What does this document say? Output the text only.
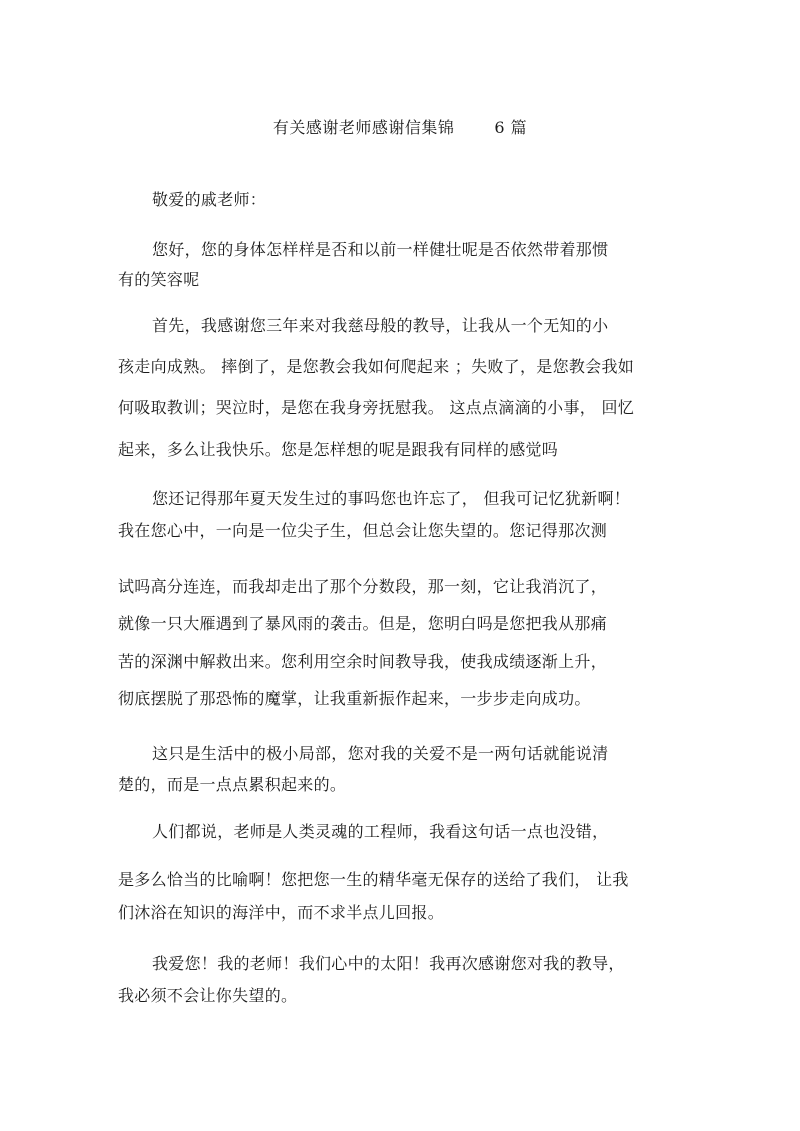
有关感谢老师感谢信集锦	6 篇
敬爱的戚老师：
您好，您的身体怎样样是否和以前一样健壮呢是否依然带着那惯
有的笑容呢
首先，我感谢您三年来对我慈母般的教导，让我从一个无知的小
孩走向成熟。 摔倒了，是您教会我如何爬起来 ；失败了，是您教会我如
何吸取教训；哭泣时，是您在我身旁抚慰我。 这点点滴滴的小事， 回忆
起来，多么让我快乐。您是怎样想的呢是跟我有同样的感觉吗
您还记得那年夏天发生过的事吗您也许忘了， 但我可记忆犹新啊！
我在您心中，一向是一位尖子生，但总会让您失望的。您记得那次测
试吗高分连连，而我却走出了那个分数段，那一刻，它让我消沉了，
就像一只大雁遇到了暴风雨的袭击。但是，您明白吗是您把我从那痛
苦的深渊中解救出来。您利用空余时间教导我，使我成绩逐渐上升，
彻底摆脱了那恐怖的魔掌，让我重新振作起来，一步步走向成功。
这只是生活中的极小局部，您对我的关爱不是一两句话就能说清
楚的，而是一点点累积起来的。
人们都说，老师是人类灵魂的工程师，我看这句话一点也没错，
是多么恰当的比喻啊！您把您一生的精华毫无保存的送给了我们， 让我
们沐浴在知识的海洋中，而不求半点儿回报。
我爱您！我的老师！我们心中的太阳！我再次感谢您对我的教导，
我必须不会让你失望的。
